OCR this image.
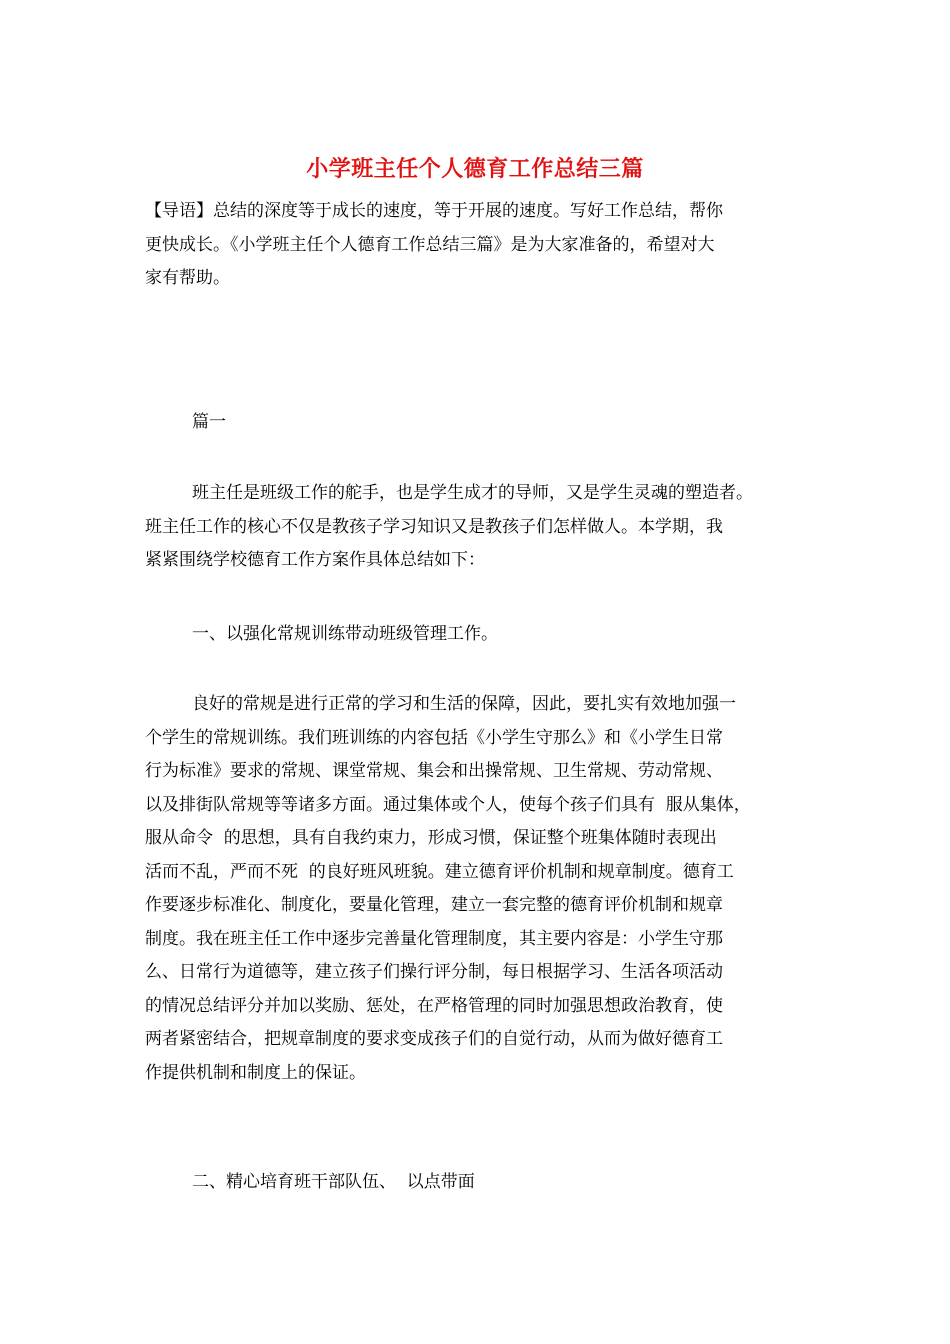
小学班主任个人德育工作总结三篇
【导语】总结的深度等于成长的速度，等于开展的速度。写好工作总结，帮你
更快成长。《小学班主任个人德育工作总结三篇》是为大家准备的，希望对大
家有帮助。
篇一
班主任是班级工作的舵手，也是学生成才的导师，又是学生灵魂的塑造者。
班主任工作的核心不仅是教孩子学习知识又是教孩子们怎样做人。本学期，我
紧紧围绕学校德育工作方案作具体总结如下：
一、以强化常规训练带动班级管理工作。
良好的常规是进行正常的学习和生活的保障，因此，要扎实有效地加强一
个学生的常规训练。我们班训练的内容包括《小学生守那么》和《小学生日常
行为标准》要求的常规、课堂常规、集会和出操常规、卫生常规、劳动常规、
以及排街队常规等等诸多方面。通过集体或个人，使每个孩子们具有  服从集体，
服从命令  的思想，具有自我约束力，形成习惯，保证整个班集体随时表现出
活而不乱，严而不死  的良好班风班貌。建立德育评价机制和规章制度。德育工
作要逐步标准化、制度化，要量化管理，建立一套完整的德育评价机制和规章
制度。我在班主任工作中逐步完善量化管理制度，其主要内容是：小学生守那
么、日常行为道德等，建立孩子们操行评分制，每日根据学习、生活各项活动
的情况总结评分并加以奖励、惩处，在严格管理的同时加强思想政治教育，使
两者紧密结合，把规章制度的要求变成孩子们的自觉行动，从而为做好德育工
作提供机制和制度上的保证。
二、精心培育班干部队伍、  以点带面
